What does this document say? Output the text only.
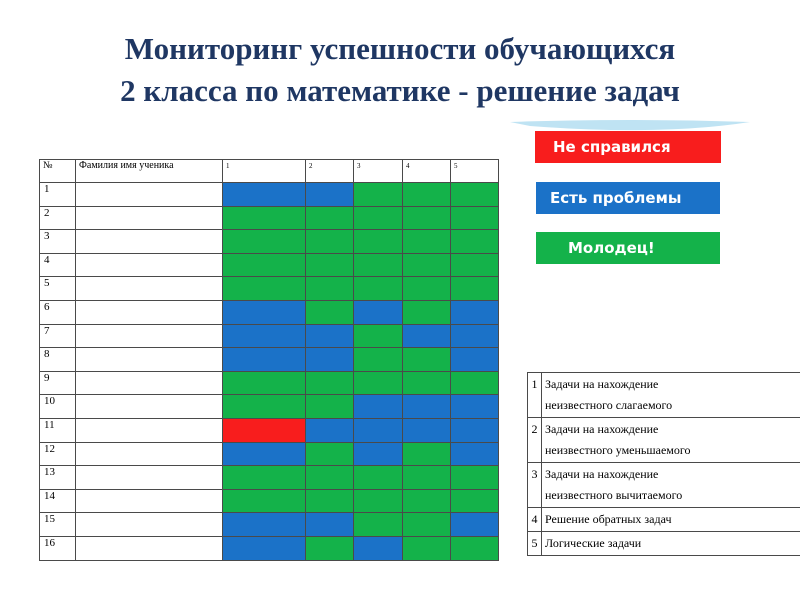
Мониторинг успешности обучающихся
2 класса по математике - решение задач
Не справился
Есть проблемы
Молодец!
№	Фамилия имя ученика	1	2	3	4	5
1						
2						
3						
4						
5						
6						
7						
8						
9						
10						
11						
12						
13						
14						
15						
16						
1	Задачи на нахождение
неизвестного слагаемого

2	Задачи на нахождение
неизвестного уменьшаемого

3	Задачи на нахождение
неизвестного вычитаемого

4	Решение обратных задач

5	Логические задачи
